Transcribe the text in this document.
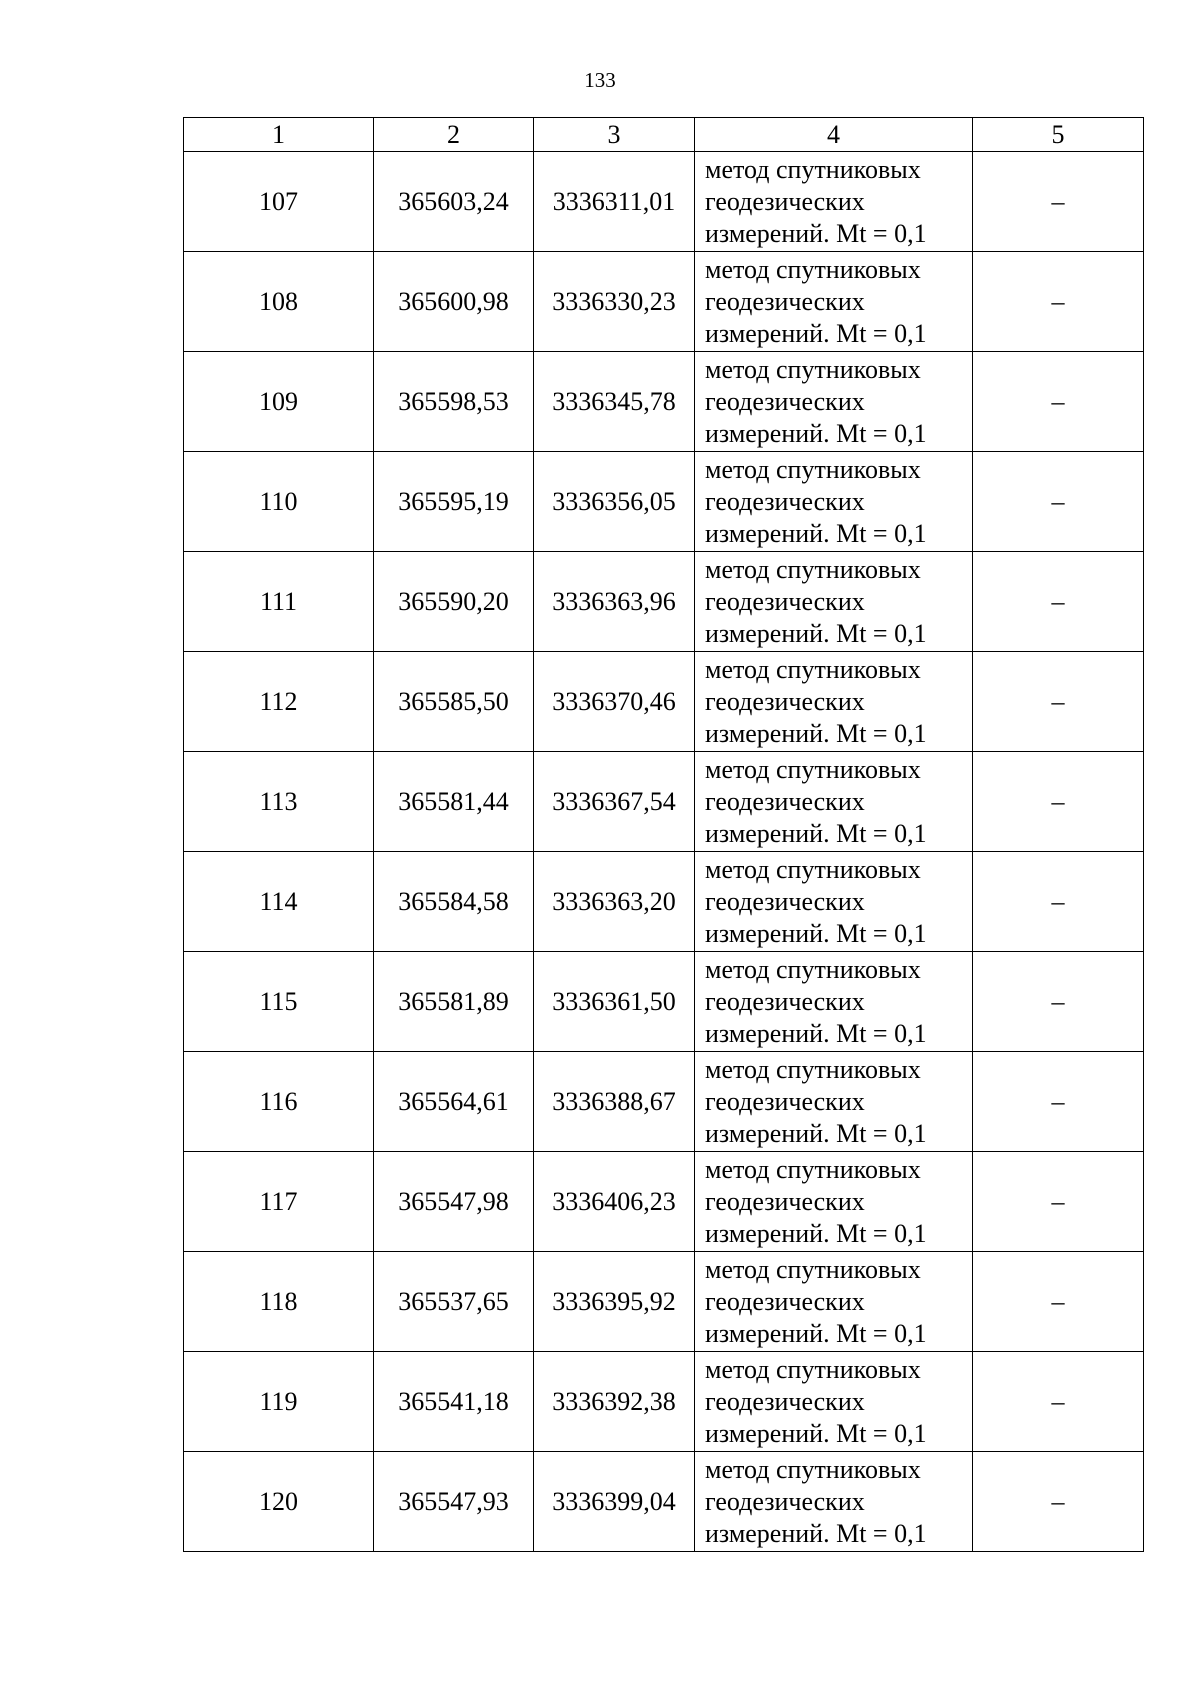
133
1	2	3	4	5
107	365603,24	3336311,01	метод спутниковых
геодезических
измерений. Mt = 0,1	–
108	365600,98	3336330,23	метод спутниковых
геодезических
измерений. Mt = 0,1	–
109	365598,53	3336345,78	метод спутниковых
геодезических
измерений. Mt = 0,1	–
110	365595,19	3336356,05	метод спутниковых
геодезических
измерений. Mt = 0,1	–
111	365590,20	3336363,96	метод спутниковых
геодезических
измерений. Mt = 0,1	–
112	365585,50	3336370,46	метод спутниковых
геодезических
измерений. Mt = 0,1	–
113	365581,44	3336367,54	метод спутниковых
геодезических
измерений. Mt = 0,1	–
114	365584,58	3336363,20	метод спутниковых
геодезических
измерений. Mt = 0,1	–
115	365581,89	3336361,50	метод спутниковых
геодезических
измерений. Mt = 0,1	–
116	365564,61	3336388,67	метод спутниковых
геодезических
измерений. Mt = 0,1	–
117	365547,98	3336406,23	метод спутниковых
геодезических
измерений. Mt = 0,1	–
118	365537,65	3336395,92	метод спутниковых
геодезических
измерений. Mt = 0,1	–
119	365541,18	3336392,38	метод спутниковых
геодезических
измерений. Mt = 0,1	–
120	365547,93	3336399,04	метод спутниковых
геодезических
измерений. Mt = 0,1	–
